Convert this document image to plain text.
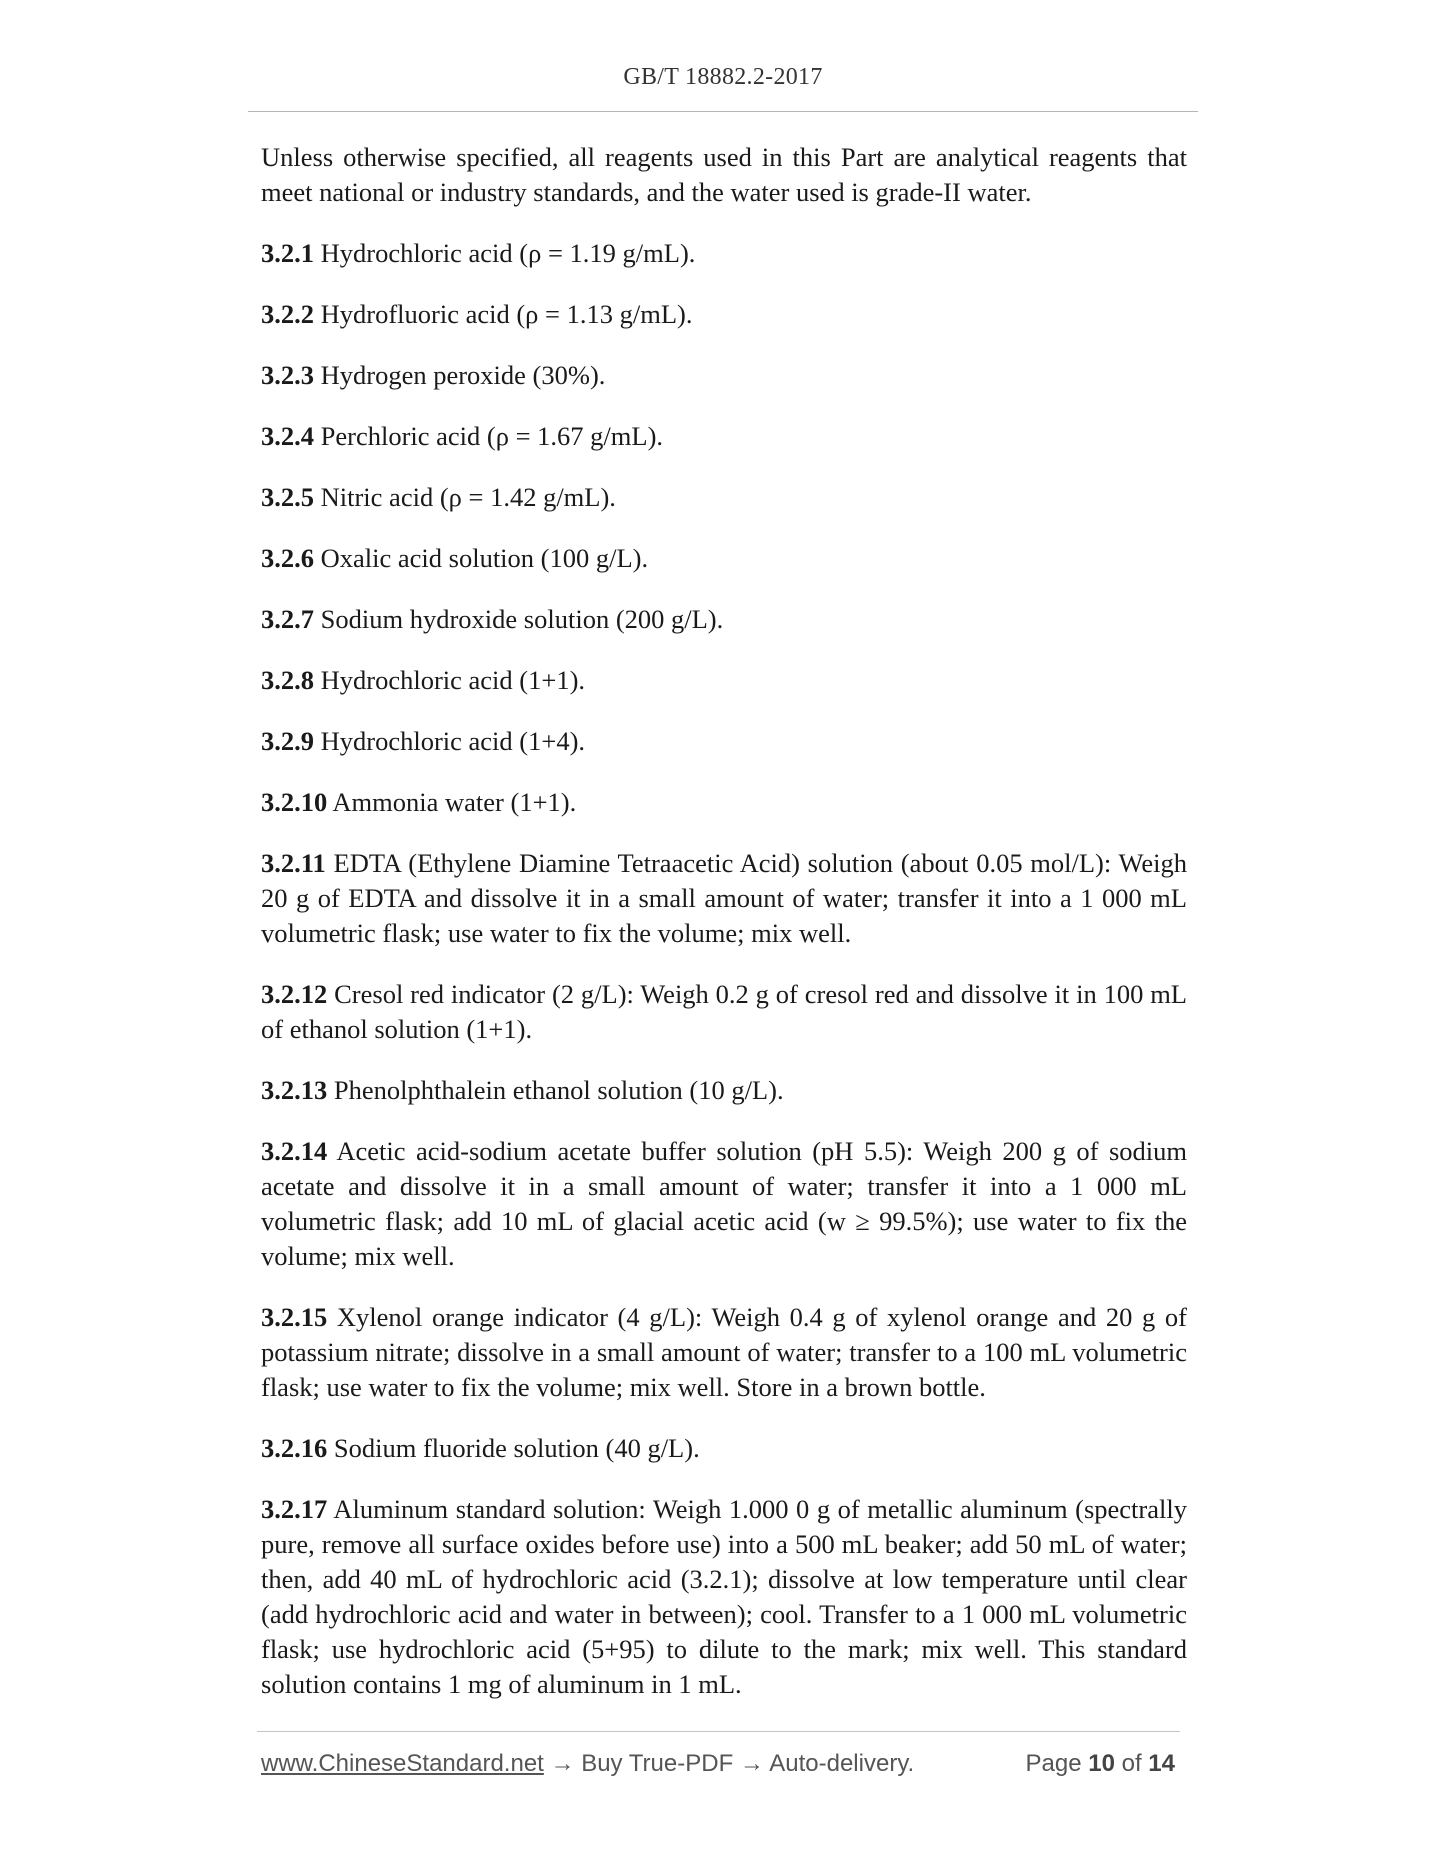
GB/T 18882.2-2017

Unless otherwise specified, all reagents used in this Part are analytical reagents that meet national or industry standards, and the water used is grade-II water.

3.2.1 Hydrochloric acid (ρ = 1.19 g/mL).

3.2.2 Hydrofluoric acid (ρ = 1.13 g/mL).

3.2.3 Hydrogen peroxide (30%).

3.2.4 Perchloric acid (ρ = 1.67 g/mL).

3.2.5 Nitric acid (ρ = 1.42 g/mL).

3.2.6 Oxalic acid solution (100 g/L).

3.2.7 Sodium hydroxide solution (200 g/L).

3.2.8 Hydrochloric acid (1+1).

3.2.9 Hydrochloric acid (1+4).

3.2.10 Ammonia water (1+1).

3.2.11 EDTA (Ethylene Diamine Tetraacetic Acid) solution (about 0.05 mol/L): Weigh 20 g of EDTA and dissolve it in a small amount of water; transfer it into a 1 000 mL volumetric flask; use water to fix the volume; mix well.

3.2.12 Cresol red indicator (2 g/L): Weigh 0.2 g of cresol red and dissolve it in 100 mL of ethanol solution (1+1).

3.2.13 Phenolphthalein ethanol solution (10 g/L).

3.2.14 Acetic acid-sodium acetate buffer solution (pH 5.5): Weigh 200 g of sodium acetate and dissolve it in a small amount of water; transfer it into a 1 000 mL volumetric flask; add 10 mL of glacial acetic acid (w ≥ 99.5%); use water to fix the volume; mix well.

3.2.15 Xylenol orange indicator (4 g/L): Weigh 0.4 g of xylenol orange and 20 g of potassium nitrate; dissolve in a small amount of water; transfer to a 100 mL volumetric flask; use water to fix the volume; mix well. Store in a brown bottle.

3.2.16 Sodium fluoride solution (40 g/L).

3.2.17 Aluminum standard solution: Weigh 1.000 0 g of metallic aluminum (spectrally pure, remove all surface oxides before use) into a 500 mL beaker; add 50 mL of water; then, add 40 mL of hydrochloric acid (3.2.1); dissolve at low temperature until clear (add hydrochloric acid and water in between); cool. Transfer to a 1 000 mL volumetric flask; use hydrochloric acid (5+95) to dilute to the mark; mix well. This standard solution contains 1 mg of aluminum in 1 mL.

www.ChineseStandard.net → Buy True-PDF → Auto-delivery.	Page 10 of 14
